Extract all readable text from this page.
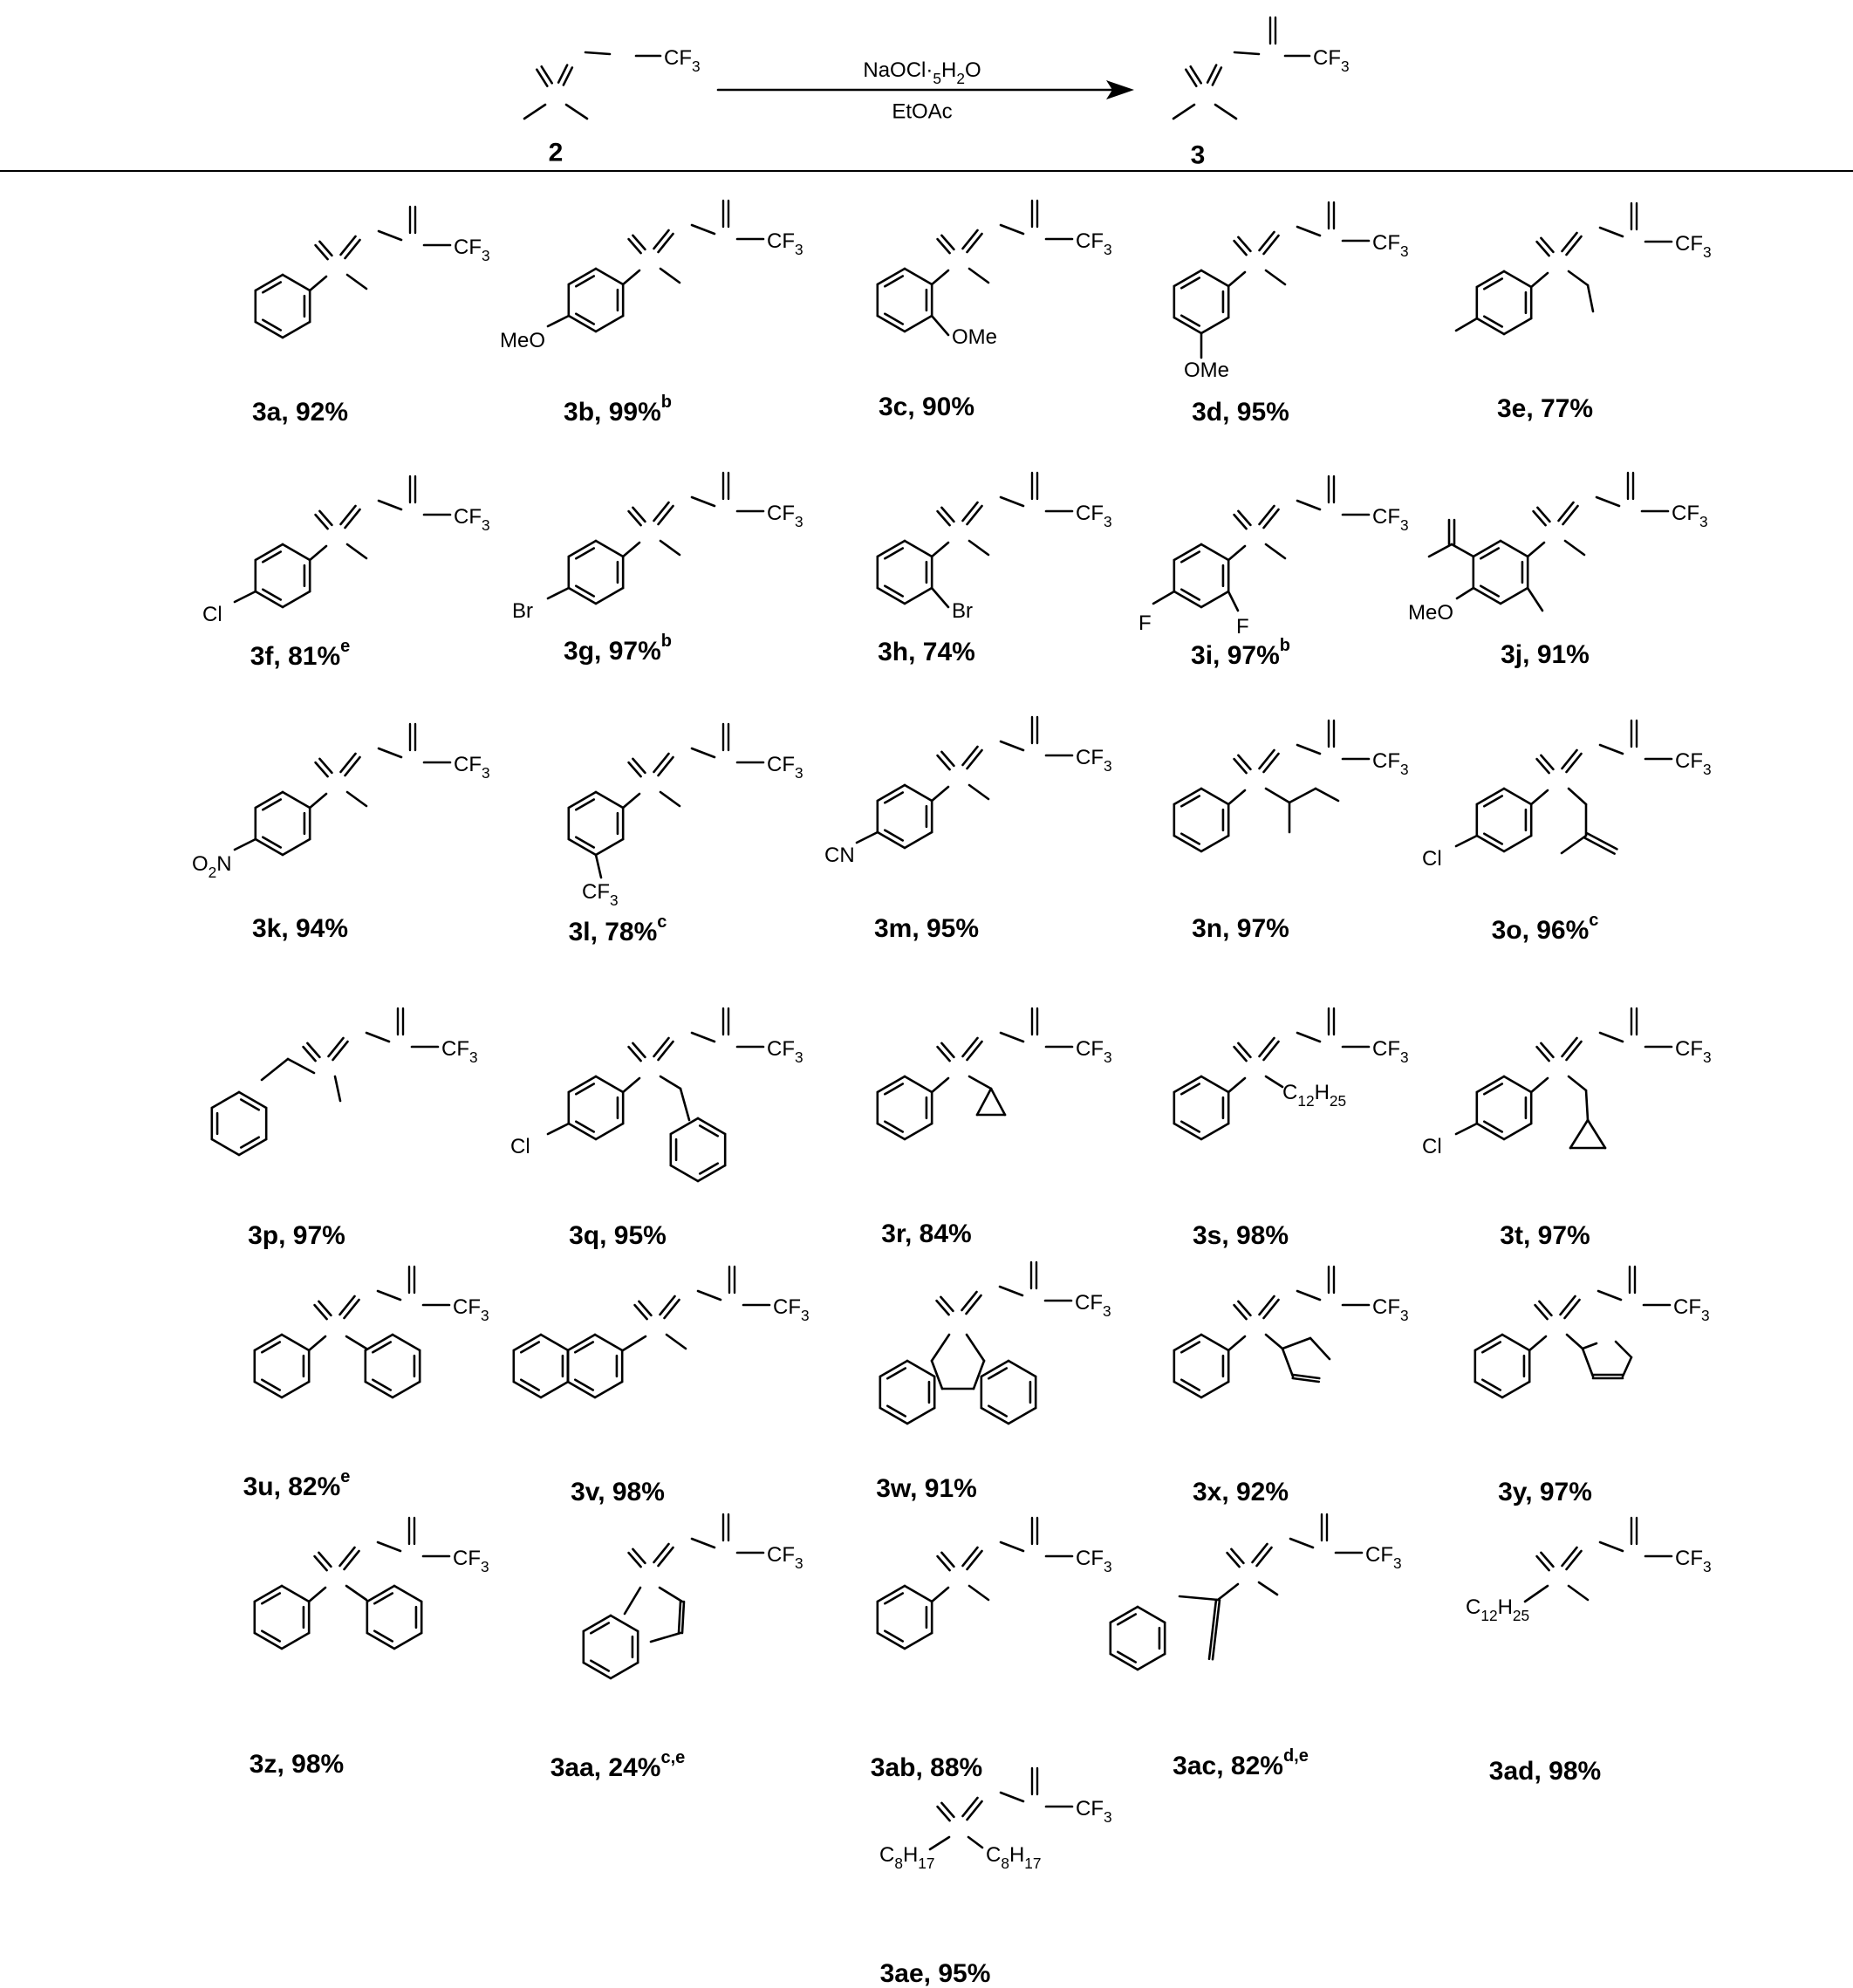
$CF_3$
2
$NaOCl\cdot_5H_2O$
EtOAc
$CF_3$
3
$CF_3$
$CF_3$
MeO
$CF_3$
OMe
$CF_3$
OMe
$CF_3$
$CF_3$
Cl
$CF_3$
Br
$CF_3$
Br
$CF_3$
F
F
$CF_3$
MeO
$CF_3$
$O_2N$
$CF_3$
$CF_3$
$CF_3$
CN
$CF_3$	$CF_3$
Cl
$CF_3$	$CF_3$
Cl
$CF_3$	$CF_3$
$C_{12}H_{25}$
$CF_3$
Cl
$CF_3$	$CF_3$
$CF_3$	$CF_3$	$CF_3$
$CF_3$
$CF_3$	$CF_3$
$CF_3$	$CF_3$
$C_{12}H_{25}$
$CF_3$
$C_8H_{17}$
$C_8H_{17}$
3a, 92%	3b, 99%$^b$	3c, 90%	3d, 95%	3e, 77%
3f, 81%$^e$	3g, 97%$^b$	3h, 74%	3i, 97%$^b$	3j, 91%
3k, 94%	3l, 78%$^c$	3m, 95%	3n, 97%	3o, 96%$^c$
3p, 97%	3q, 95%	3r, 84%	3s, 98%	3t, 97%
3u, 82%$^e$
3v, 98%	3w, 91%	3x, 92%	3y, 97%
3z, 98%	3aa, 24%$^{c,e}$	3ab, 88%	3ac, 82%$^{d,e}$
3ad, 98%
3ae, 95%
